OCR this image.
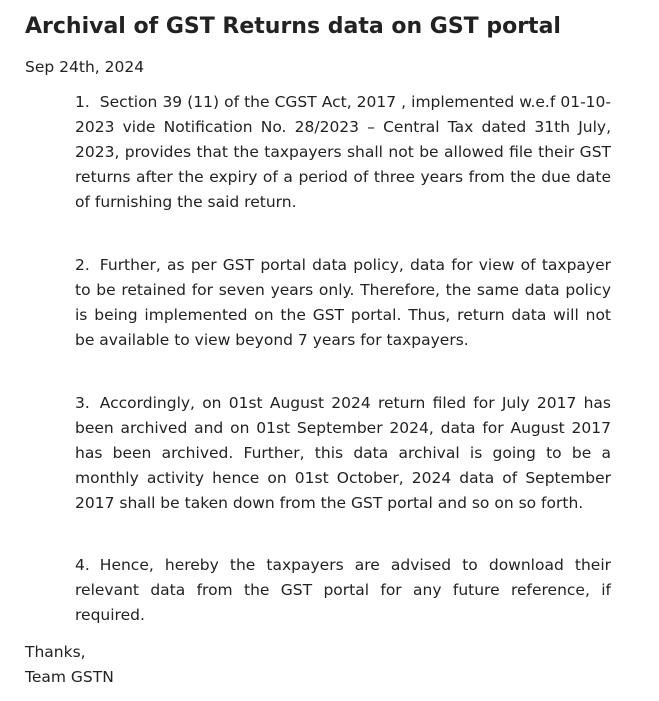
Archival of GST Returns data on GST portal
Sep 24th, 2024
1. Section 39 (11) of the CGST Act, 2017 , implemented w.e.f 01-10-2023 vide Notification No. 28/2023 – Central Tax dated 31th July, 2023, provides that the taxpayers shall not be allowed file their GST returns after the expiry of a period of three years from the due date of furnishing the said return.
2. Further, as per GST portal data policy, data for view of taxpayer to be retained for seven years only. Therefore, the same data policy is being implemented on the GST portal. Thus, return data will not be available to view beyond 7 years for taxpayers.
3. Accordingly, on 01st August 2024 return filed for July 2017 has been archived and on 01st September 2024, data for August 2017 has been archived. Further, this data archival is going to be a monthly activity hence on 01st October, 2024 data of September 2017 shall be taken down from the GST portal and so on so forth.
4. Hence, hereby the taxpayers are advised to download their relevant data from the GST portal for any future reference, if required.
Thanks,
Team GSTN
